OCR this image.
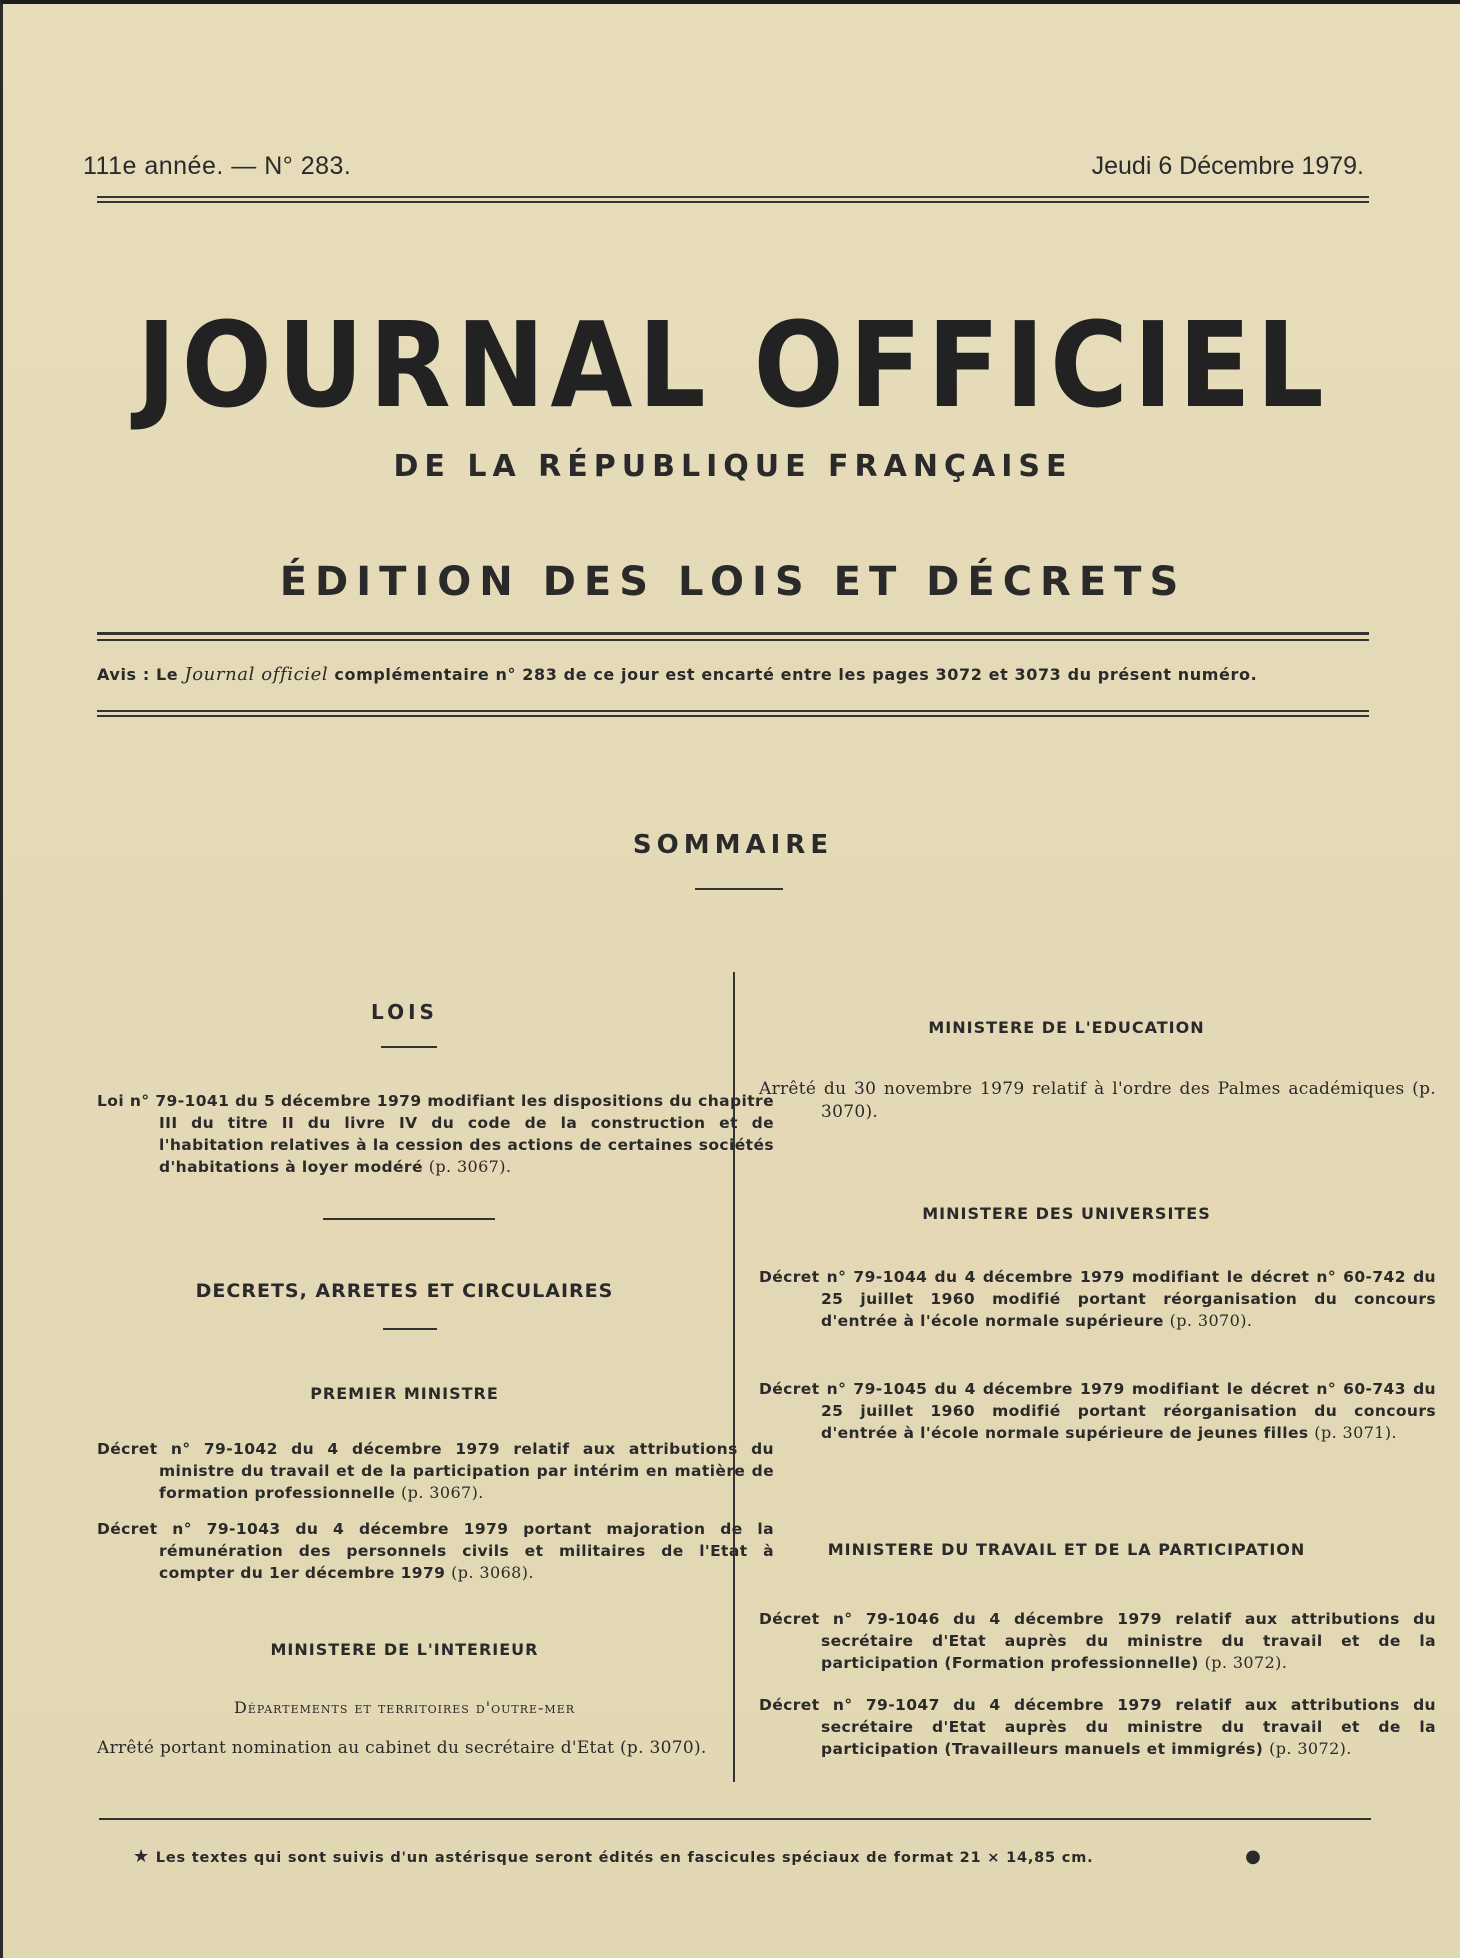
111e année. — N° 283.	Jeudi 6 Décembre 1979.
JOURNAL OFFICIEL
DE LA RÉPUBLIQUE FRANÇAISE
ÉDITION DES LOIS ET DÉCRETS
Avis : Le Journal officiel complémentaire n° 283 de ce jour est encarté entre les pages 3072 et 3073 du présent numéro.
SOMMAIRE
LOIS
Loi n° 79-1041 du 5 décembre 1979 modifiant les dispositions du chapitre III du titre II du livre IV du code de la construction et de l'habitation relatives à la cession des actions de certaines sociétés d'habitations à loyer modéré (p. 3067).
DECRETS, ARRETES ET CIRCULAIRES
PREMIER MINISTRE
Décret n° 79-1042 du 4 décembre 1979 relatif aux attributions du ministre du travail et de la participation par intérim en matière de formation professionnelle (p. 3067).
Décret n° 79-1043 du 4 décembre 1979 portant majoration de la rémunération des personnels civils et militaires de l'Etat à compter du 1er décembre 1979 (p. 3068).
MINISTERE DE L'INTERIEUR
Départements et territoires d'outre-mer
Arrêté portant nomination au cabinet du secrétaire d'Etat (p. 3070).
MINISTERE DE L'EDUCATION
Arrêté du 30 novembre 1979 relatif à l'ordre des Palmes académiques (p. 3070).
MINISTERE DES UNIVERSITES
Décret n° 79-1044 du 4 décembre 1979 modifiant le décret n° 60-742 du 25 juillet 1960 modifié portant réorganisation du concours d'entrée à l'école normale supérieure (p. 3070).
Décret n° 79-1045 du 4 décembre 1979 modifiant le décret n° 60-743 du 25 juillet 1960 modifié portant réorganisation du concours d'entrée à l'école normale supérieure de jeunes filles (p. 3071).
MINISTERE DU TRAVAIL ET DE LA PARTICIPATION
Décret n° 79-1046 du 4 décembre 1979 relatif aux attributions du secrétaire d'Etat auprès du ministre du travail et de la participation (Formation professionnelle) (p. 3072).
Décret n° 79-1047 du 4 décembre 1979 relatif aux attributions du secrétaire d'Etat auprès du ministre du travail et de la participation (Travailleurs manuels et immigrés) (p. 3072).
★ Les textes qui sont suivis d'un astérisque seront édités en fascicules spéciaux de format 21 × 14,85 cm.	●
